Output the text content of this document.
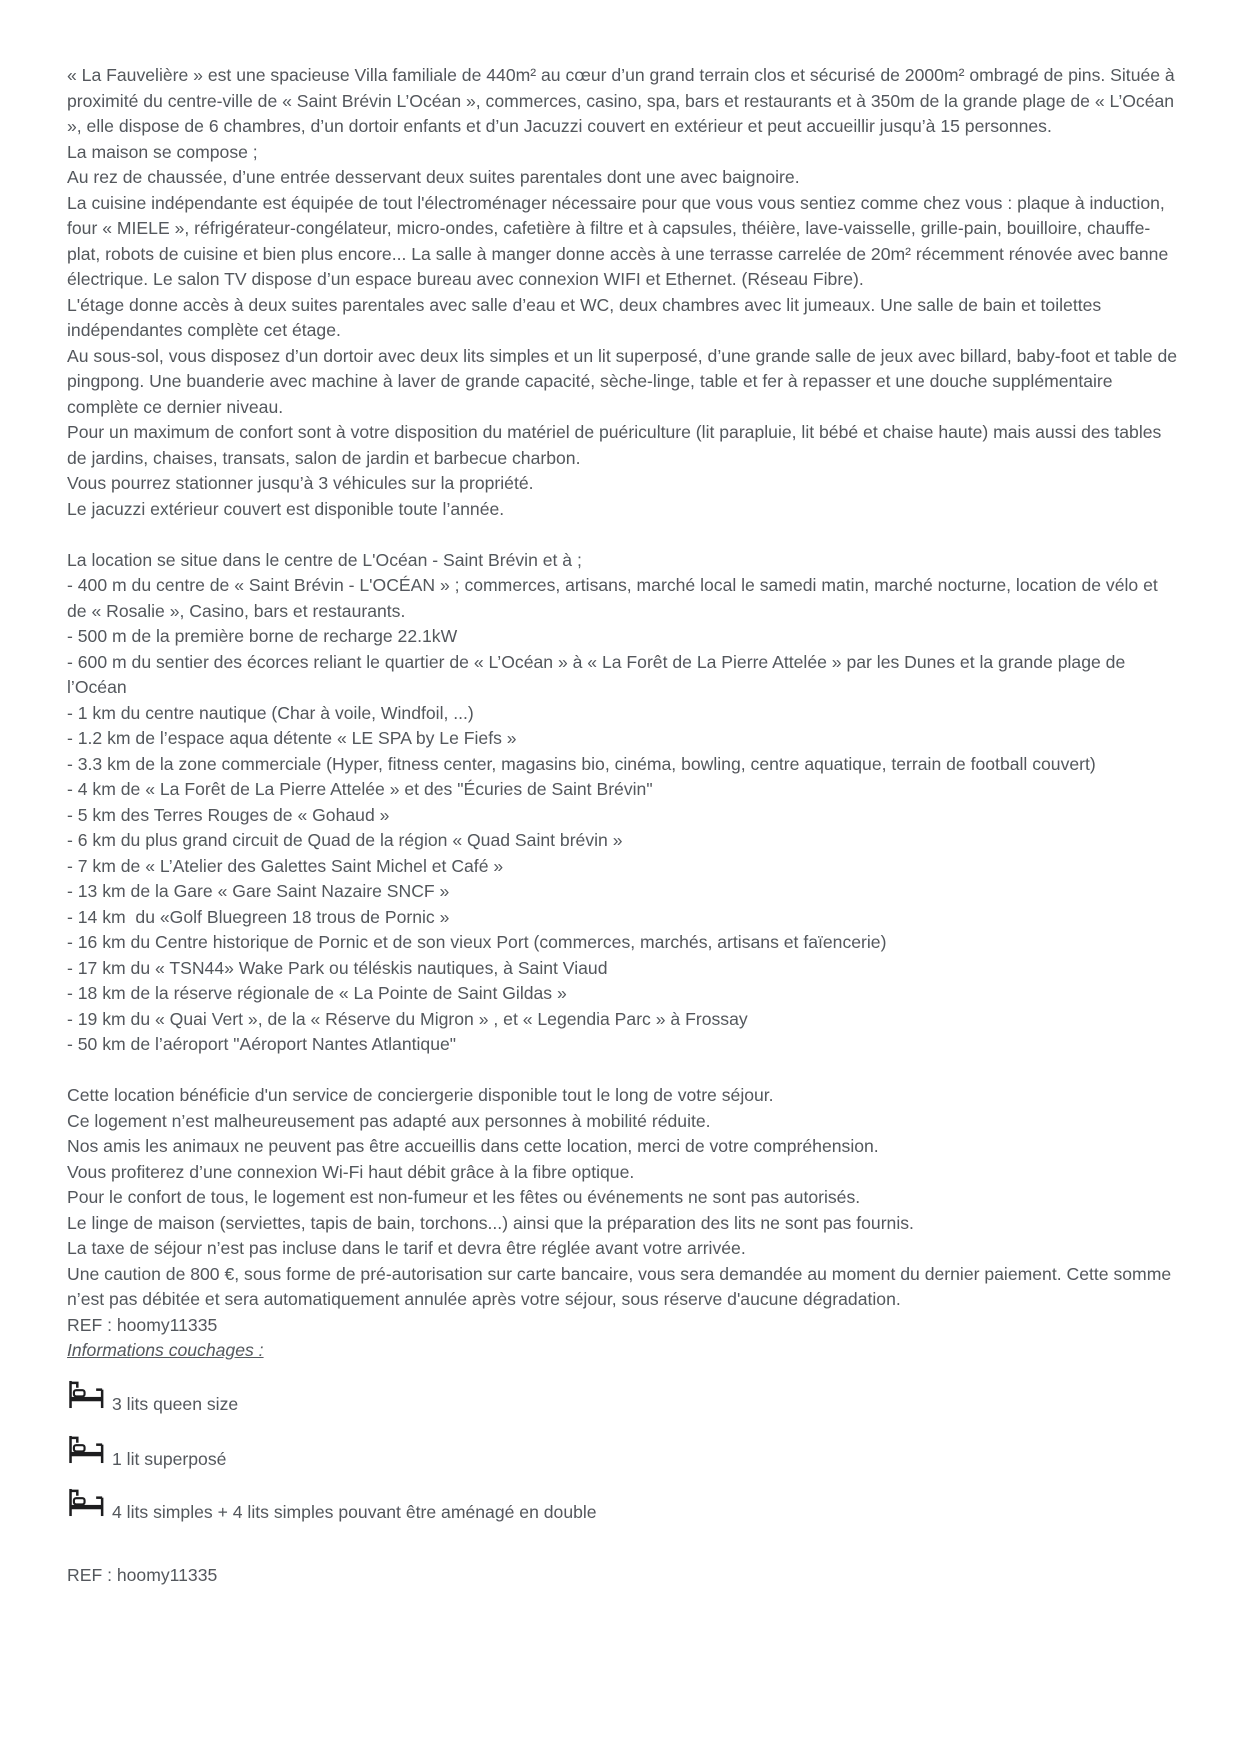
« La Fauvelière » est une spacieuse Villa familiale de 440m² au cœur d’un grand terrain clos et sécurisé de 2000m² ombragé de pins. Située à proximité du centre-ville de « Saint Brévin L’Océan », commerces, casino, spa, bars et restaurants et à 350m de la grande plage de « L’Océan », elle dispose de 6 chambres, d’un dortoir enfants et d’un Jacuzzi couvert en extérieur et peut accueillir jusqu’à 15 personnes.

La maison se compose ;

Au rez de chaussée, d’une entrée desservant deux suites parentales dont une avec baignoire.

La cuisine indépendante est équipée de tout l'électroménager nécessaire pour que vous vous sentiez comme chez vous : plaque à induction, four « MIELE », réfrigérateur-congélateur, micro-ondes, cafetière à filtre et à capsules, théière, lave-vaisselle, grille-pain, bouilloire, chauffe-plat, robots de cuisine et bien plus encore... La salle à manger donne accès à une terrasse carrelée de 20m² récemment rénovée avec banne électrique. Le salon TV dispose d’un espace bureau avec connexion WIFI et Ethernet. (Réseau Fibre).

L'étage donne accès à deux suites parentales avec salle d’eau et WC, deux chambres avec lit jumeaux. Une salle de bain et toilettes indépendantes complète cet étage.

Au sous-sol, vous disposez d’un dortoir avec deux lits simples et un lit superposé, d’une grande salle de jeux avec billard, baby-foot et table de pingpong. Une buanderie avec machine à laver de grande capacité, sèche-linge, table et fer à repasser et une douche supplémentaire complète ce dernier niveau.

Pour un maximum de confort sont à votre disposition du matériel de puériculture (lit parapluie, lit bébé et chaise haute) mais aussi des tables de jardins, chaises, transats, salon de jardin et barbecue charbon.

Vous pourrez stationner jusqu’à 3 véhicules sur la propriété.

Le jacuzzi extérieur couvert est disponible toute l’année.

La location se situe dans le centre de L'Océan - Saint Brévin et à ;

- 400 m du centre de « Saint Brévin - L'OCÉAN » ; commerces, artisans, marché local le samedi matin, marché nocturne, location de vélo et de « Rosalie », Casino, bars et restaurants.

- 500 m de la première borne de recharge 22.1kW

- 600 m du sentier des écorces reliant le quartier de « L’Océan » à « La Forêt de La Pierre Attelée » par les Dunes et la grande plage de l’Océan

- 1 km du centre nautique (Char à voile, Windfoil, ...)

- 1.2 km de l’espace aqua détente « LE SPA by Le Fiefs »

- 3.3 km de la zone commerciale (Hyper, fitness center, magasins bio, cinéma, bowling, centre aquatique, terrain de football couvert)

- 4 km de « La Forêt de La Pierre Attelée » et des "Écuries de Saint Brévin"

- 5 km des Terres Rouges de « Gohaud »

- 6 km du plus grand circuit de Quad de la région « Quad Saint brévin »

- 7 km de « L’Atelier des Galettes Saint Michel et Café »

- 13 km de la Gare « Gare Saint Nazaire SNCF »

- 14 km  du «Golf Bluegreen 18 trous de Pornic »

- 16 km du Centre historique de Pornic et de son vieux Port (commerces, marchés, artisans et faïencerie)

- 17 km du « TSN44» Wake Park ou téléskis nautiques, à Saint Viaud

- 18 km de la réserve régionale de « La Pointe de Saint Gildas »

- 19 km du « Quai Vert », de la « Réserve du Migron » , et « Legendia Parc » à Frossay

- 50 km de l’aéroport "Aéroport Nantes Atlantique"

Cette location bénéficie d'un service de conciergerie disponible tout le long de votre séjour.

Ce logement n’est malheureusement pas adapté aux personnes à mobilité réduite.

Nos amis les animaux ne peuvent pas être accueillis dans cette location, merci de votre compréhension.

Vous profiterez d’une connexion Wi-Fi haut débit grâce à la fibre optique.

Pour le confort de tous, le logement est non-fumeur et les fêtes ou événements ne sont pas autorisés.

Le linge de maison (serviettes, tapis de bain, torchons...) ainsi que la préparation des lits ne sont pas fournis.

La taxe de séjour n’est pas incluse dans le tarif et devra être réglée avant votre arrivée.

Une caution de 800 €, sous forme de pré-autorisation sur carte bancaire, vous sera demandée au moment du dernier paiement. Cette somme n’est pas débitée et sera automatiquement annulée après votre séjour, sous réserve d'aucune dégradation.

REF : hoomy11335

Informations couchages :

3 lits queen size
1 lit superposé
4 lits simples + 4 lits simples pouvant être aménagé en double

REF : hoomy11335
